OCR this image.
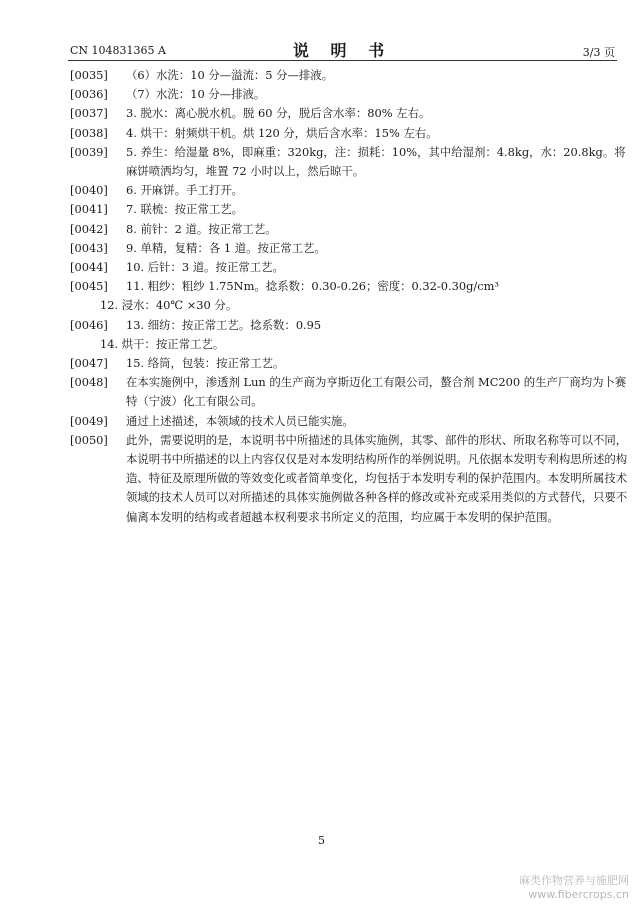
CN 104831365 A	说 明 书	3/3 页

[0035] （6）水洗：10 分—溢流：5 分—排液。

[0036] （7）水洗：10 分—排液。

[0037] 3. 脱水：离心脱水机。脱 60 分，脱后含水率：80% 左右。

[0038] 4. 烘干：射频烘干机。烘 120 分，烘后含水率：15% 左右。

[0039] 5. 养生：给湿量 8%，即麻重：320kg，注：损耗：10%，其中给湿剂：4.8kg，水：20.8kg。将麻饼喷洒均匀，堆置 72 小时以上，然后晾干。

[0040] 6. 开麻饼。手工打开。

[0041] 7. 联梳：按正常工艺。

[0042] 8. 前针：2 道。按正常工艺。

[0043] 9. 单精，复精：各 1 道。按正常工艺。

[0044] 10. 后针：3 道。按正常工艺。

[0045] 11. 粗纱：粗纱 1.75Nm。捻系数：0.30-0.26；密度：0.32-0.30g/cm³

12. 浸水：40℃ ×30 分。

[0046] 13. 细纺：按正常工艺。捻系数：0.95

14. 烘干：按正常工艺。

[0047] 15. 络筒，包装：按正常工艺。

[0048] 在本实施例中，渗透剂 Lun 的生产商为亨斯迈化工有限公司，螯合剂 MC200 的生产厂商均为卜赛特（宁波）化工有限公司。

[0049] 通过上述描述，本领域的技术人员已能实施。

[0050] 此外，需要说明的是，本说明书中所描述的具体实施例，其零、部件的形状、所取名称等可以不同，本说明书中所描述的以上内容仅仅是对本发明结构所作的举例说明。凡依据本发明专利构思所述的构造、特征及原理所做的等效变化或者简单变化，均包括于本发明专利的保护范围内。本发明所属技术领域的技术人员可以对所描述的具体实施例做各种各样的修改或补充或采用类似的方式替代，只要不偏离本发明的结构或者超越本权利要求书所定义的范围，均应属于本发明的保护范围。

5
麻类作物营养与施肥网
www.fibercrops.cn
